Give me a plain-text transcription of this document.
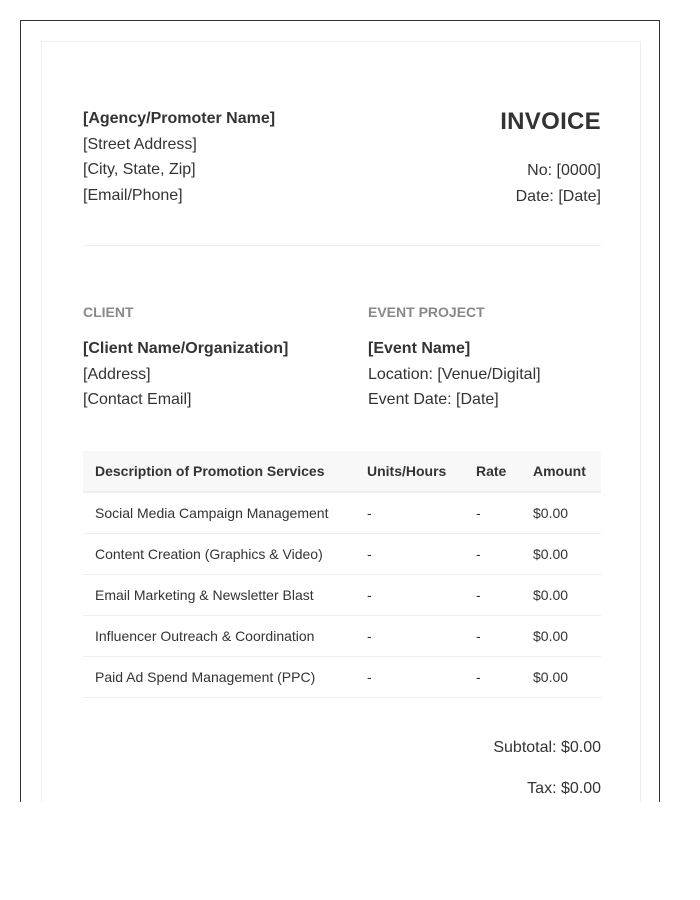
[Agency/Promoter Name]
[Street Address]
[City, State, Zip]
[Email/Phone]
INVOICE
No: [0000]
Date: [Date]
CLIENT
[Client Name/Organization]
[Address]
[Contact Email]
EVENT PROJECT
[Event Name]
Location: [Venue/Digital]
Event Date: [Date]
Description of Promotion Services	Units/Hours	Rate	Amount
Social Media Campaign Management	-	-	$0.00
Content Creation (Graphics & Video)	-	-	$0.00
Email Marketing & Newsletter Blast	-	-	$0.00
Influencer Outreach & Coordination	-	-	$0.00
Paid Ad Spend Management (PPC)	-	-	$0.00
Subtotal: $0.00
Tax: $0.00
